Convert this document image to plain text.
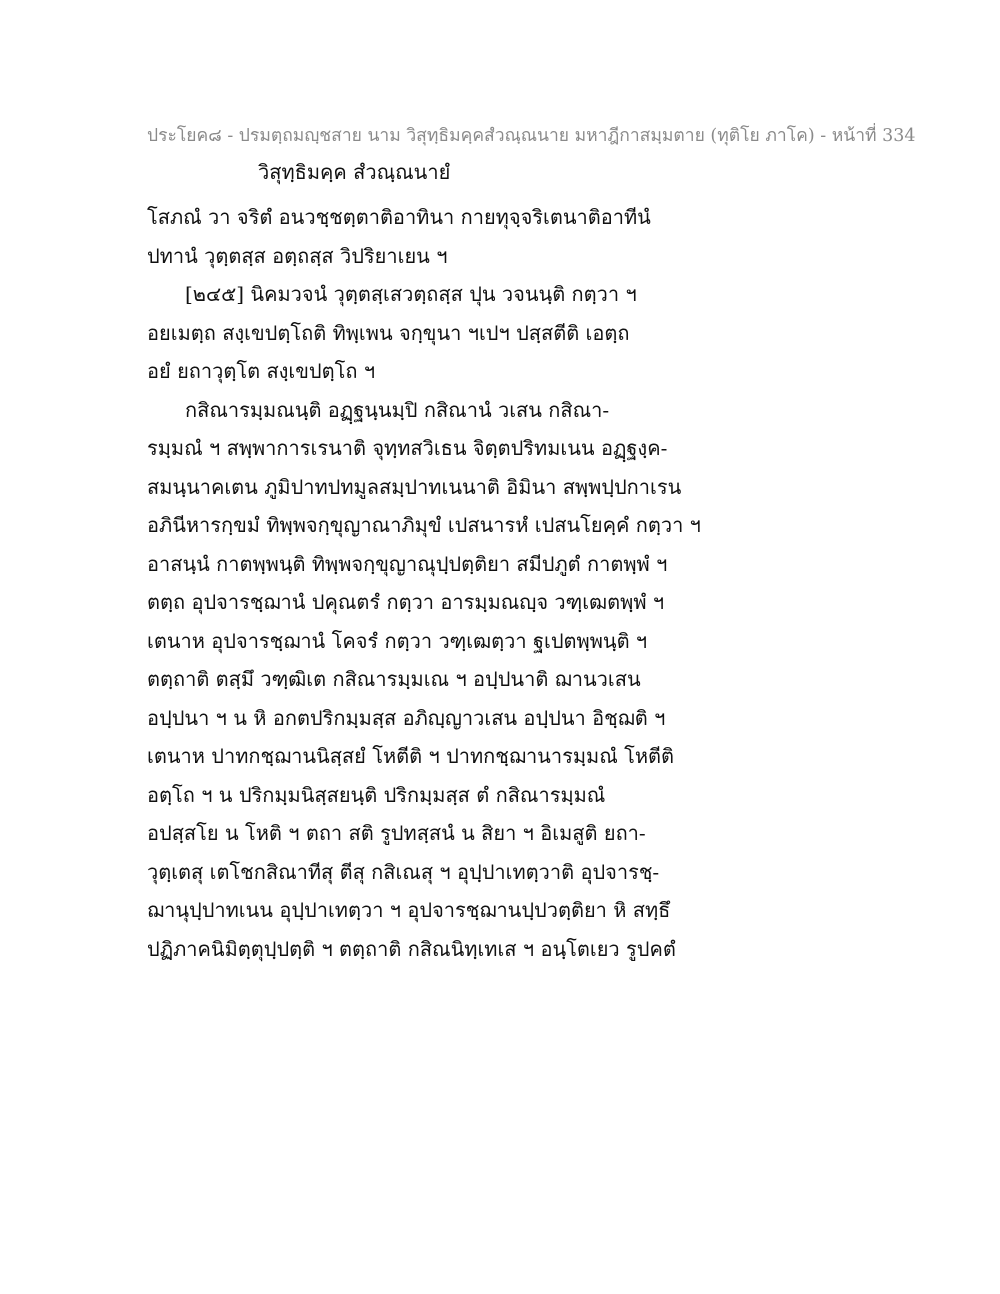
ประโยค๘ - ปรมตฺถมญฺชสาย นาม วิสุทฺธิมคฺคสํวณฺณนาย มหาฎีกาสมฺมตาย (ทุติโย ภาโค) - หน้าที่ 334
วิสุทฺธิมคฺค สํวณฺณนายํ
โสภณํ วา จริตํ อนวชฺชตฺตาติอาทินา กายทุจฺจริเตนาติอาทีนํ
ปทานํ วุตฺตสฺส อตฺถสฺส วิปริยาเยน ฯ
[๒๔๕] นิคมวจนํ วุตฺตสฺเสวตฺถสฺส ปุน วจนนฺติ กตฺวา ฯ
อยเมตฺถ สงฺเขปตฺโถติ ทิพฺเพน จกฺขุนา ฯเปฯ ปสฺสตีติ เอตฺถ
อยํ ยถาวุตฺโต สงฺเขปตฺโถ ฯ
กสิณารมฺมณนฺติ อฏฺฐนฺนมฺปิ กสิณานํ วเสน กสิณา-
รมฺมณํ ฯ สพฺพาการเรนาติ จุทฺทสวิเธน จิตฺตปริทมเนน อฏฺฐงฺค-
สมนฺนาคเตน ภูมิปาทปทมูลสมฺปาทเนนาติ อิมินา สพฺพปฺปกาเรน
อภินีหารกฺขมํ ทิพฺพจกฺขุญาณาภิมุขํ เปสนารหํ เปสนโยคฺคํ กตฺวา ฯ
อาสนฺนํ กาตพฺพนฺติ ทิพฺพจกฺขุญาณุปฺปตฺติยา สมีปภูตํ กาตพฺพํ ฯ
ตตฺถ อุปจารชฺฌานํ ปคุณตรํ กตฺวา อารมฺมณญฺจ วฑฺเฒตพฺพํ ฯ
เตนาห อุปจารชฺฌานํ โคจรํ กตฺวา วฑฺเฒตฺวา ฐเปตพฺพนฺติ ฯ
ตตฺถาติ ตสฺมึ วฑฺฒิเต กสิณารมฺมเณ ฯ อปฺปนาติ ฌานวเสน
อปฺปนา ฯ น หิ อกตปริกมฺมสฺส อภิญฺญาวเสน อปฺปนา อิชฺฌติ ฯ
เตนาห ปาทกชฺฌานนิสฺสยํ โหตีติ ฯ ปาทกชฺฌานารมฺมณํ โหตีติ
อตฺโถ ฯ น ปริกมฺมนิสฺสยนฺติ ปริกมฺมสฺส ตํ กสิณารมฺมณํ
อปสฺสโย น โหติ ฯ ตถา สติ รูปทสฺสนํ น สิยา ฯ อิเมสูติ ยถา-
วุตฺเตสุ เตโชกสิณาทีสุ ตีสุ กสิเณสุ ฯ อุปฺปาเทตฺวาติ อุปจารชฺ-
ฌานุปฺปาทเนน อุปฺปาเทตฺวา ฯ อุปจารชฺฌานปฺปวตฺติยา หิ สทฺธึ
ปฏิภาคนิมิตฺตุปฺปตฺติ ฯ ตตฺถาติ กสิณนิทฺเทเส ฯ อนฺโตเยว รูปคตํ
